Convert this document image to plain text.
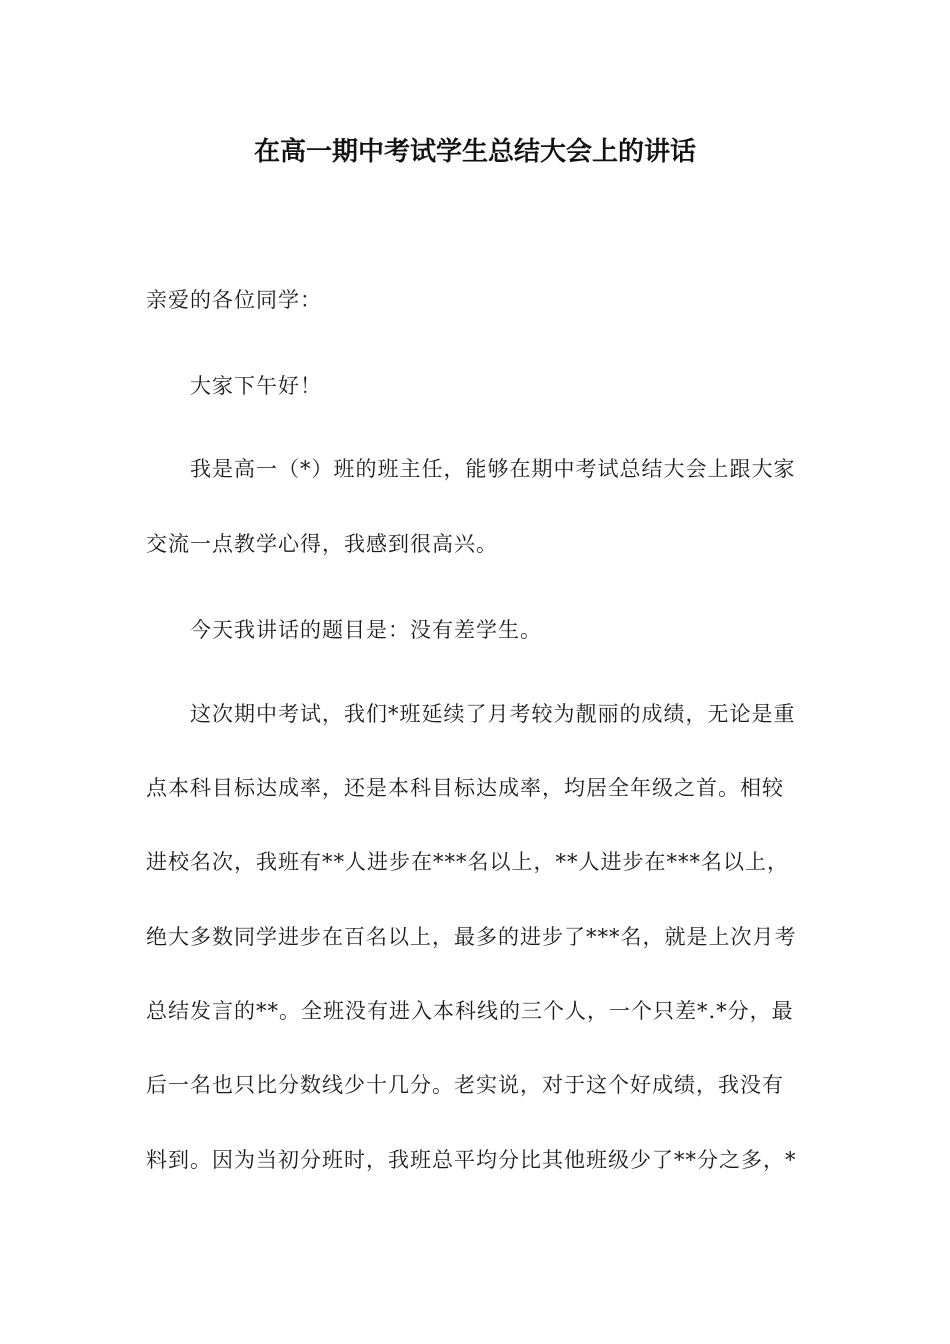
在高一期中考试学生总结大会上的讲话
亲爱的各位同学：
大家下午好！
我是高一（*）班的班主任，能够在期中考试总结大会上跟大家
交流一点教学心得，我感到很高兴。
今天我讲话的题目是：没有差学生。
这次期中考试，我们*班延续了月考较为靓丽的成绩，无论是重
点本科目标达成率，还是本科目标达成率，均居全年级之首。相较
进校名次，我班有**人进步在***名以上，**人进步在***名以上，
绝大多数同学进步在百名以上，最多的进步了***名，就是上次月考
总结发言的**。全班没有进入本科线的三个人，一个只差*.*分，最
后一名也只比分数线少十几分。老实说，对于这个好成绩，我没有
料到。因为当初分班时，我班总平均分比其他班级少了**分之多，*
